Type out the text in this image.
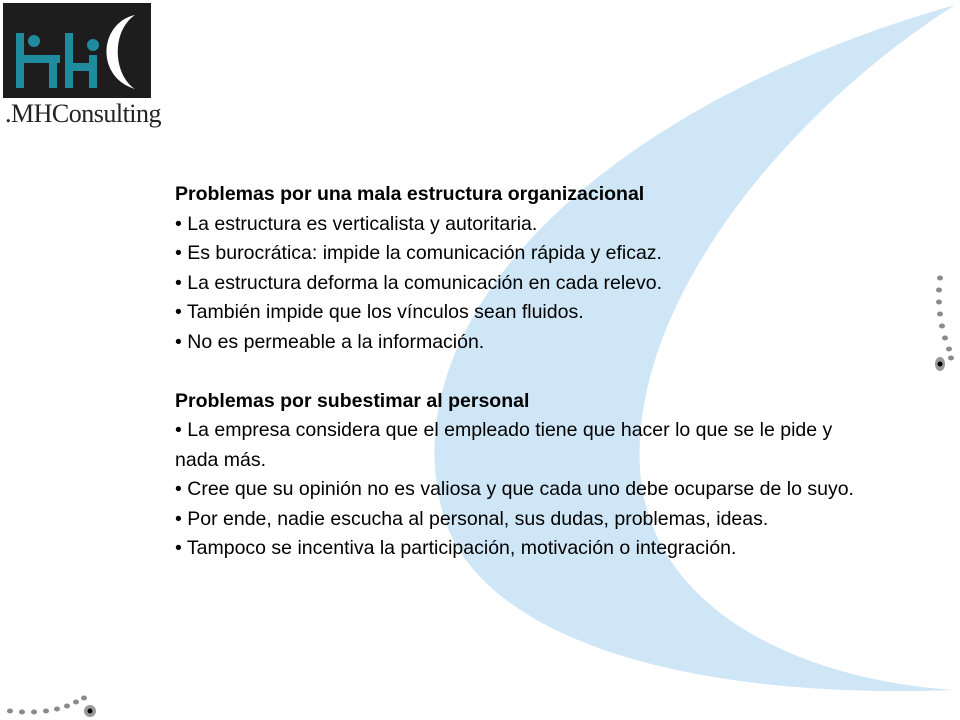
.MHConsulting

Problemas por una mala estructura organizacional

• La estructura es verticalista y autoritaria.

• Es burocrática: impide la comunicación rápida y eficaz.

• La estructura deforma la comunicación en cada relevo.

• También impide que los vínculos sean fluidos.

• No es permeable a la información.

Problemas por subestimar al personal

• La empresa considera que el empleado tiene que hacer lo que se le pide y nada más.

• Cree que su opinión no es valiosa y que cada uno debe ocuparse de lo suyo.

• Por ende, nadie escucha al personal, sus dudas, problemas, ideas.

• Tampoco se incentiva la participación, motivación o integración.
